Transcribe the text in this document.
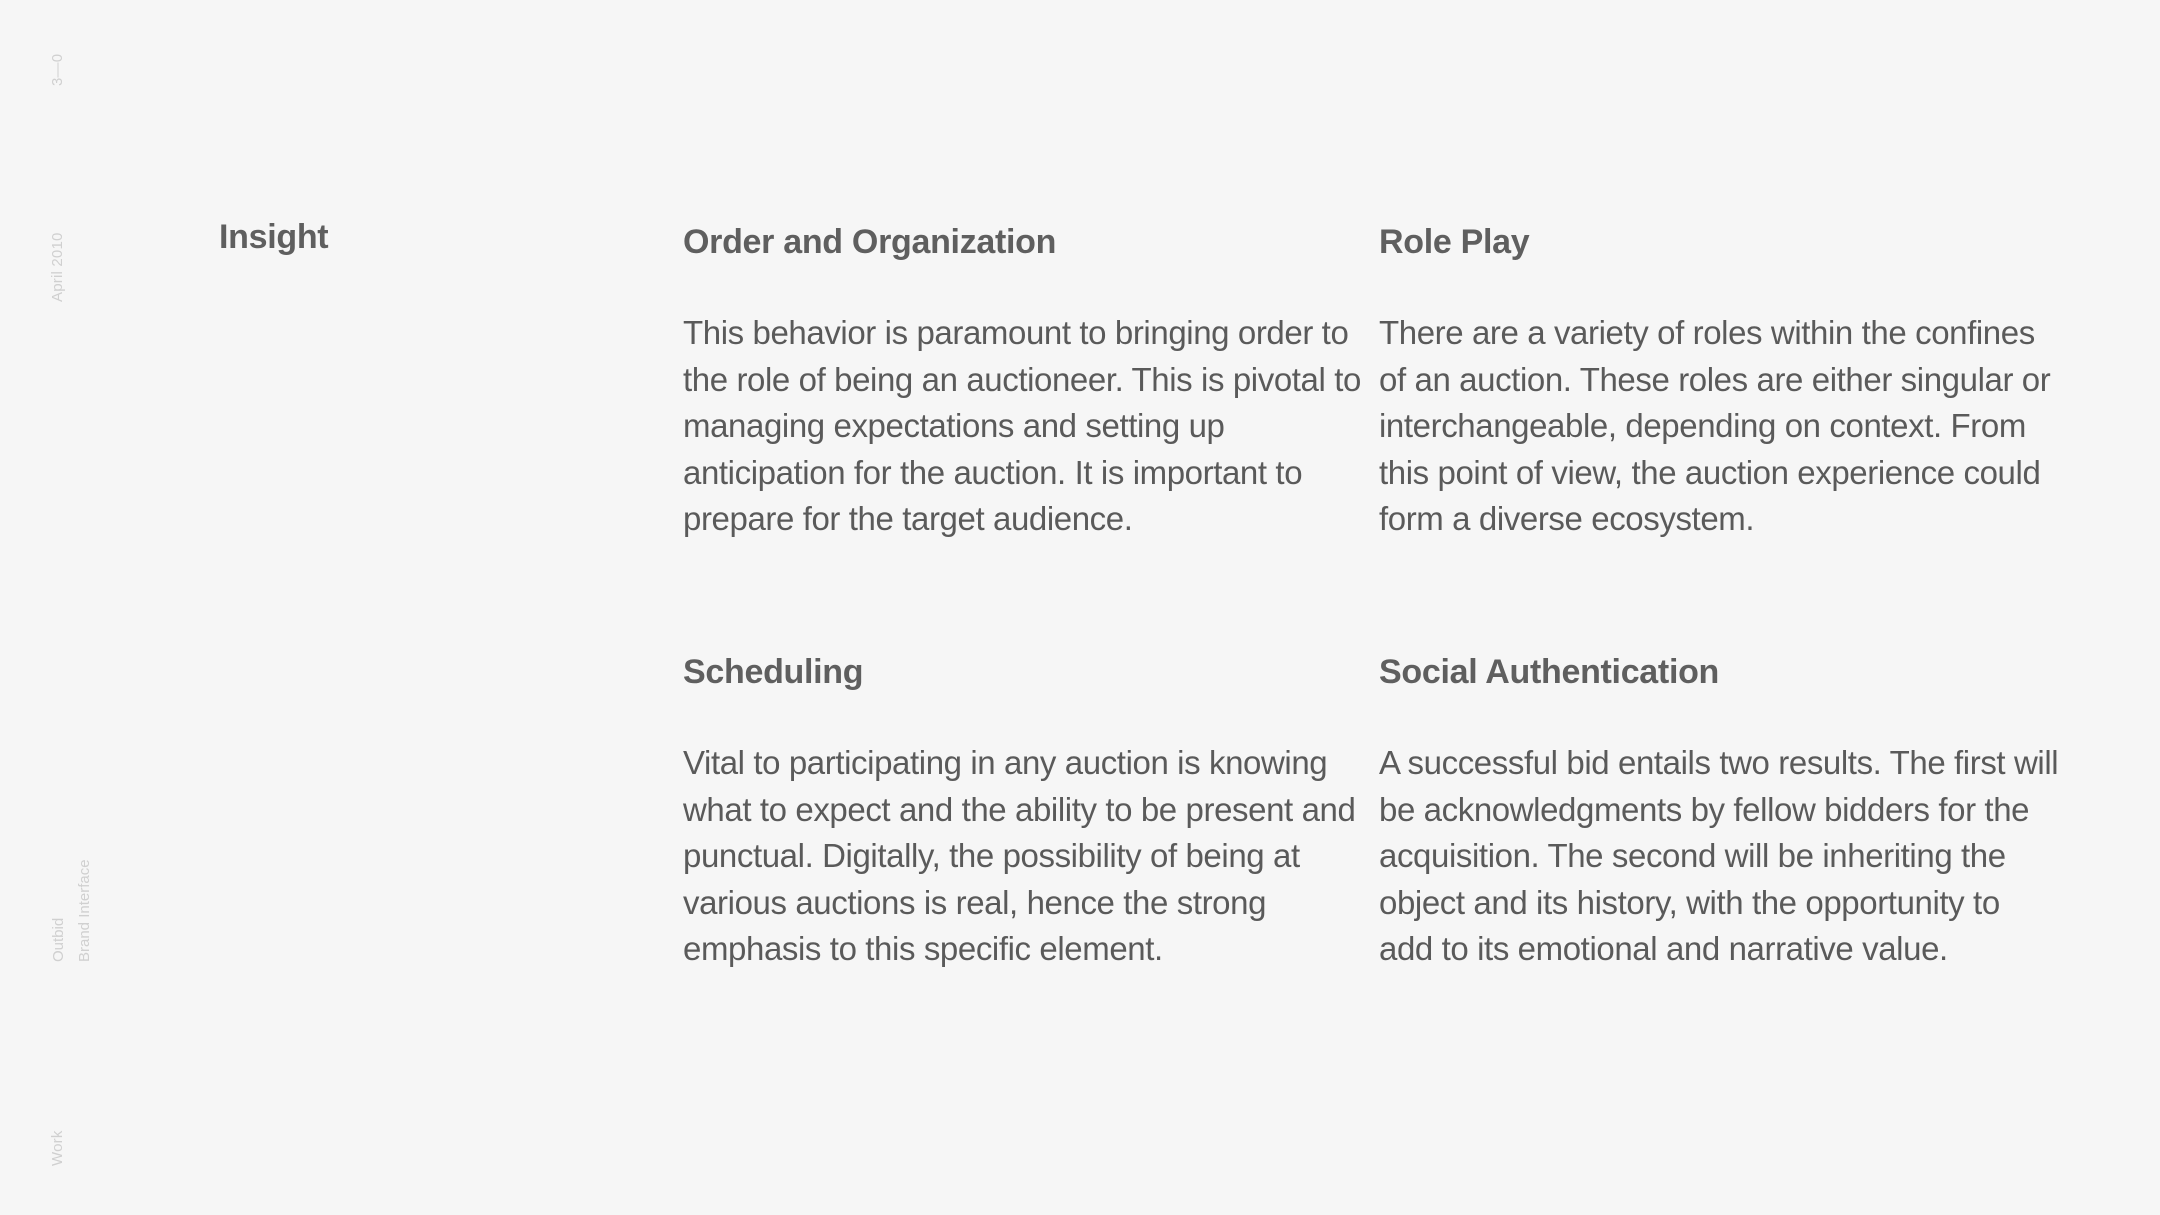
3—0
April 2010
Outbid Brand Interface
Work
Insight	Order and Organization

This behavior is paramount to bringing order to the role of being an auctioneer. This is pivotal to managing expectations and setting up anticipation for the auction. It is important to prepare for the target audience.

Role Play

There are a variety of roles within the confines of an auction. These roles are either singular or interchangeable, depending on context. From this point of view, the auction experience could form a diverse ecosystem.

Scheduling

Vital to participating in any auction is knowing what to expect and the ability to be present and punctual. Digitally, the possibility of being at various auctions is real, hence the strong emphasis to this specific element.

Social Authentication

A successful bid entails two results. The first will be acknowledgments by fellow bidders for the acquisition. The second will be inheriting the object and its history, with the opportunity to add to its emotional and narrative value.
